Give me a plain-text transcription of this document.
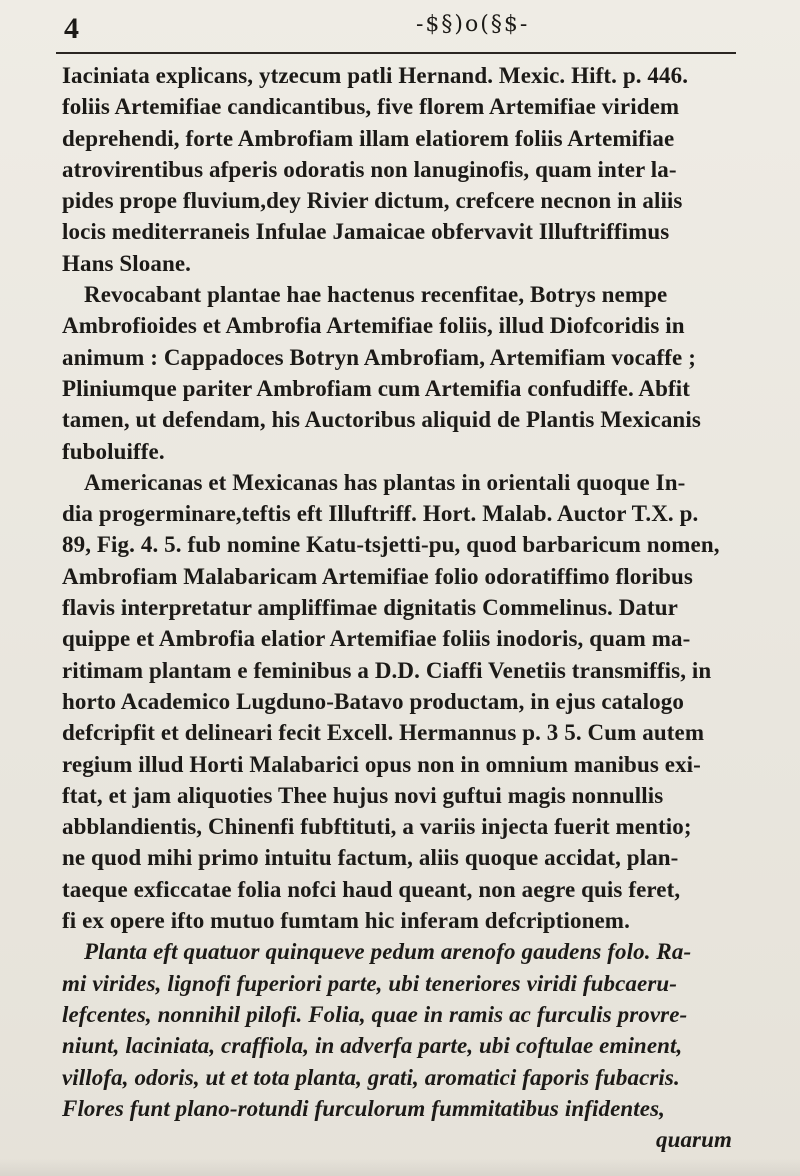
4	-$§)o(§$-
Iaciniata explicans, ytzecum patli Hernand. Mexic. Hift. p. 446.
foliis Artemifiae candicantibus, five florem Artemifiae viridem
deprehendi, forte Ambrofiam illam elatiorem foliis Artemifiae
atrovirentibus afperis odoratis non lanuginofis, quam inter la-
pides prope fluvium,dey Rivier dictum, crefcere necnon in aliis
locis mediterraneis Infulae Jamaicae obfervavit Illuftriffimus
Hans Sloane.
Revocabant plantae hae hactenus recenfitae, Botrys nempe
Ambrofioides et Ambrofia Artemifiae foliis, illud Diofcoridis in
animum : Cappadoces Botryn Ambrofiam, Artemifiam vocaffe ;
Pliniumque pariter Ambrofiam cum Artemifia confudiffe. Abfit
tamen, ut defendam, his Auctoribus aliquid de Plantis Mexicanis
fuboluiffe.
Americanas et Mexicanas has plantas in orientali quoque In-
dia progerminare,teftis eft Illuftriff. Hort. Malab. Auctor T.X. p.
89, Fig. 4. 5. fub nomine Katu-tsjetti-pu, quod barbaricum nomen,
Ambrofiam Malabaricam Artemifiae folio odoratiffimo floribus
flavis interpretatur ampliffimae dignitatis Commelinus. Datur
quippe et Ambrofia elatior Artemifiae foliis inodoris, quam ma-
ritimam plantam e feminibus a D.D. Ciaffi Venetiis transmiffis, in
horto Academico Lugduno-Batavo productam, in ejus catalogo
defcripfit et delineari fecit Excell. Hermannus p. 3 5. Cum autem
regium illud Horti Malabarici opus non in omnium manibus exi-
ftat, et jam aliquoties Thee hujus novi guftui magis nonnullis
abblandientis, Chinenfi fubftituti, a variis injecta fuerit mentio;
ne quod mihi primo intuitu factum, aliis quoque accidat, plan-
taeque exficcatae folia nofci haud queant, non aegre quis feret,
fi ex opere ifto mutuo fumtam hic inferam defcriptionem.
Planta eft quatuor quinqueve pedum arenofo gaudens folo. Ra-
mi virides, lignofi fuperiori parte, ubi teneriores viridi fubcaeru-
lefcentes, nonnihil pilofi. Folia, quae in ramis ac furculis provre-
niunt, laciniata, craffiola, in adverfa parte, ubi coftulae eminent,
villofa, odoris, ut et tota planta, grati, aromatici faporis fubacris.
Flores funt plano-rotundi furculorum fummitatibus infidentes,
quarum
